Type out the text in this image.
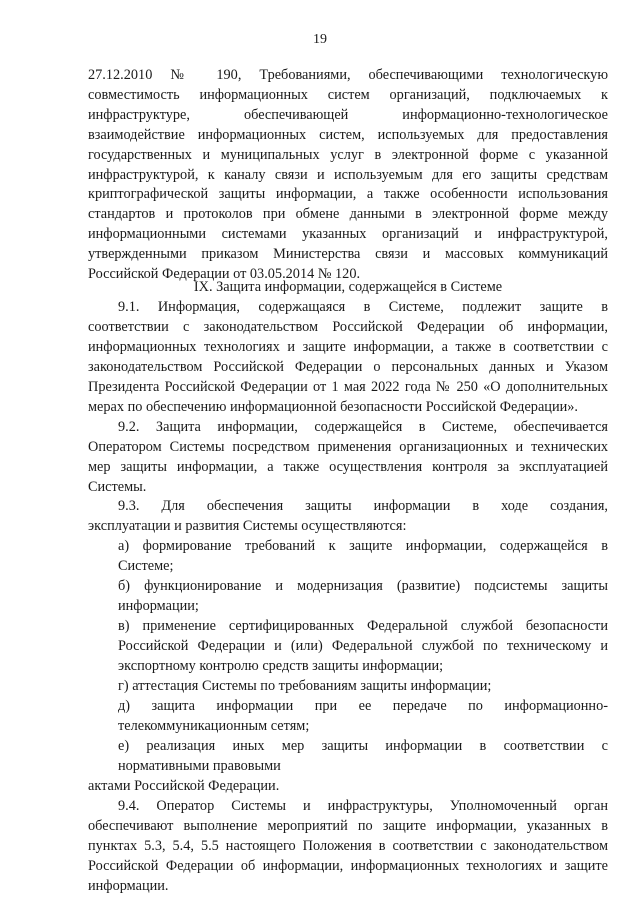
19

27.12.2010 № 190, Требованиями, обеспечивающими технологическую

совместимость информационных систем организаций, подключаемых к

инфраструктуре, обеспечивающей информационно-технологическое

взаимодействие информационных систем, используемых для предоставления

государственных и муниципальных услуг в электронной форме с указанной

инфраструктурой, к каналу связи и используемым для его защиты средствам

криптографической защиты информации, а также особенности использования

стандартов и протоколов при обмене данными в электронной форме между

информационными системами указанных организаций и инфраструктурой,

утвержденными приказом Министерства связи и массовых коммуникаций

Российской Федерации от 03.05.2014 № 120.

IX. Защита информации, содержащейся в Системе

9.1. Информация, содержащаяся в Системе, подлежит защите в

соответствии с законодательством Российской Федерации об информации,

информационных технологиях и защите информации, а также в соответствии с

законодательством Российской Федерации о персональных данных и Указом

Президента Российской Федерации от 1 мая 2022 года № 250 «О дополнительных

мерах по обеспечению информационной безопасности Российской Федерации».

9.2. Защита информации, содержащейся в Системе, обеспечивается

Оператором Системы посредством применения организационных и технических

мер защиты информации, а также осуществления контроля за эксплуатацией

Системы.

9.3. Для обеспечения защиты информации в ходе создания,

эксплуатации и развития Системы осуществляются:

а) формирование требований к защите информации, содержащейся в

Системе;

б) функционирование и модернизация (развитие) подсистемы защиты

информации;

в) применение сертифицированных Федеральной службой безопасности

Российской Федерации и (или) Федеральной службой по техническому и

экспортному контролю средств защиты информации;

г) аттестация Системы по требованиям защиты информации;

д) защита информации при ее передаче по информационно-

телекоммуникационным сетям;

е) реализация иных мер защиты информации в соответствии с

нормативными правовыми

актами Российской Федерации.

9.4. Оператор Системы и инфраструктуры, Уполномоченный орган

обеспечивают выполнение мероприятий по защите информации, указанных в

пунктах 5.3, 5.4, 5.5 настоящего Положения в соответствии с законодательством

Российской Федерации об информации, информационных технологиях и защите

информации.
